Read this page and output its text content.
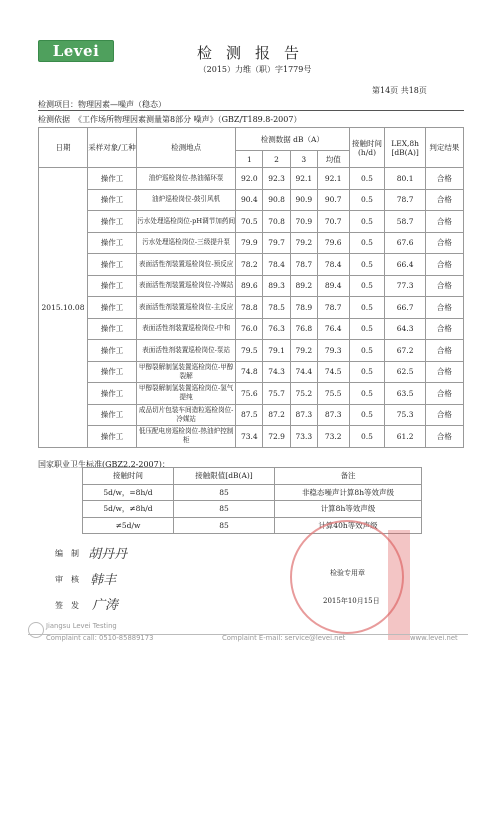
Levei	检测报告
（2015）力维（职）字1779号
第14页 共18页
检测项目：物理因素—噪声（稳态）
检测依据　《工作场所物理因素测量第8部分 噪声》（GBZ/T189.8-2007）
日期	采样对象/工种	检测地点	检测数据 dB（A）				接触时间(h/d)	LEX,8h [dB(A)]	判定结果
			1	2	3	均值			
2015.10.08	操作工	油炉巡检岗位-热油循环泵	92.0	92.3	92.1	92.1	0.5	80.1	合格
	操作工	油炉巡检岗位-鼓引风机	90.4	90.8	90.9	90.7	0.5	78.7	合格
	操作工	污水处理巡检岗位-pH调节加药间	70.5	70.8	70.9	70.7	0.5	58.7	合格
	操作工	污水处理巡检岗位-三级提升泵	79.9	79.7	79.2	79.6	0.5	67.6	合格
	操作工	表面活性剂装置巡检岗位-预反应	78.2	78.4	78.7	78.4	0.5	66.4	合格
	操作工	表面活性剂装置巡检岗位-冷媒站	89.6	89.3	89.2	89.4	0.5	77.3	合格
	操作工	表面活性剂装置巡检岗位-主反应	78.8	78.5	78.9	78.7	0.5	66.7	合格
	操作工	表面活性剂装置巡检岗位-中和	76.0	76.3	76.8	76.4	0.5	64.3	合格
	操作工	表面活性剂装置巡检岗位-泵站	79.5	79.1	79.2	79.3	0.5	67.2	合格
	操作工	甲醇裂解制氢装置巡检岗位-甲醇裂解	74.8	74.3	74.4	74.5	0.5	62.5	合格
	操作工	甲醇裂解制氢装置巡检岗位-氢气提纯	75.6	75.7	75.2	75.5	0.5	63.5	合格
	操作工	成品切片包装车间造粒巡检岗位-冷媒站	87.5	87.2	87.3	87.3	0.5	75.3	合格
	操作工	低压配电房巡检岗位-热油炉控制柜	73.4	72.9	73.3	73.2	0.5	61.2	合格
国家职业卫生标准(GBZ2.2-2007)：
接触时间	接触限值[dB(A)]	备注
5d/w，=8h/d	85	非稳态噪声计算8h等效声级
5d/w，≠8h/d	85	计算8h等效声级
≠5d/w	85	计算40h等效声级
编制 胡丹丹
审核 韩丰
签发 广涛
检验专用章
2015年10月15日
Jiangsu Levei Testing
Complaint call: 0510-85889173	Complaint E-mail: service@levei.net	www.levei.net
